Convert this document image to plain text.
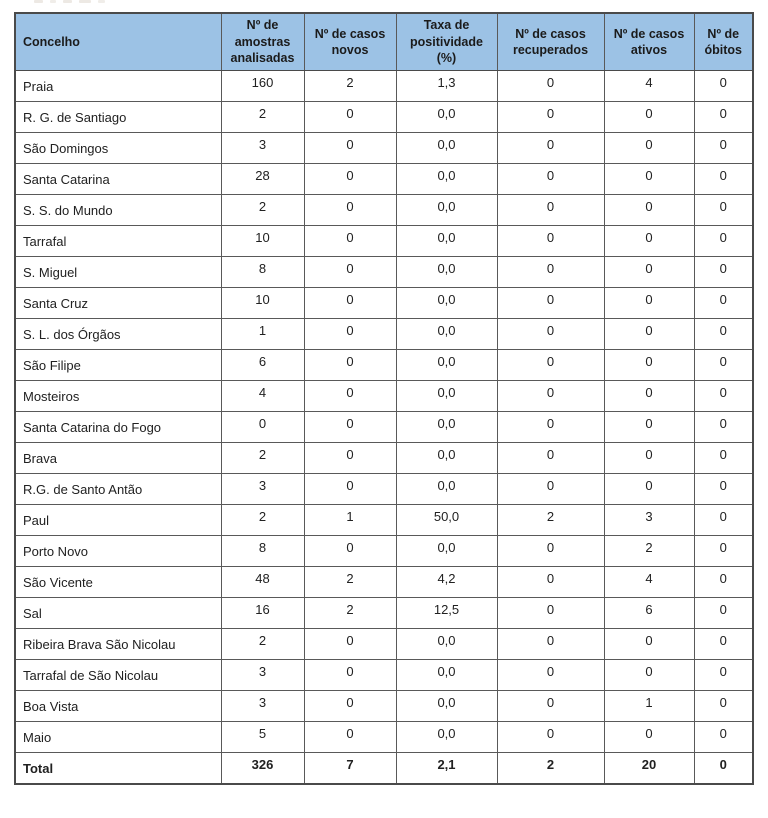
Concelho	Nº de amostras analisadas	Nº de casos novos	Taxa de positividade (%)	Nº de casos recuperados	Nº de casos ativos	Nº de óbitos
Praia	160	2	1,3	0	4	0
R. G. de Santiago	2	0	0,0	0	0	0
São Domingos	3	0	0,0	0	0	0
Santa Catarina	28	0	0,0	0	0	0
S. S. do Mundo	2	0	0,0	0	0	0
Tarrafal	10	0	0,0	0	0	0
S. Miguel	8	0	0,0	0	0	0
Santa Cruz	10	0	0,0	0	0	0
S. L. dos Órgãos	1	0	0,0	0	0	0
São Filipe	6	0	0,0	0	0	0
Mosteiros	4	0	0,0	0	0	0
Santa Catarina do Fogo	0	0	0,0	0	0	0
Brava	2	0	0,0	0	0	0
R.G. de Santo Antão	3	0	0,0	0	0	0
Paul	2	1	50,0	2	3	0
Porto Novo	8	0	0,0	0	2	0
São Vicente	48	2	4,2	0	4	0
Sal	16	2	12,5	0	6	0
Ribeira Brava São Nicolau	2	0	0,0	0	0	0
Tarrafal de São Nicolau	3	0	0,0	0	0	0
Boa Vista	3	0	0,0	0	1	0
Maio	5	0	0,0	0	0	0
Total	326	7	2,1	2	20	0
